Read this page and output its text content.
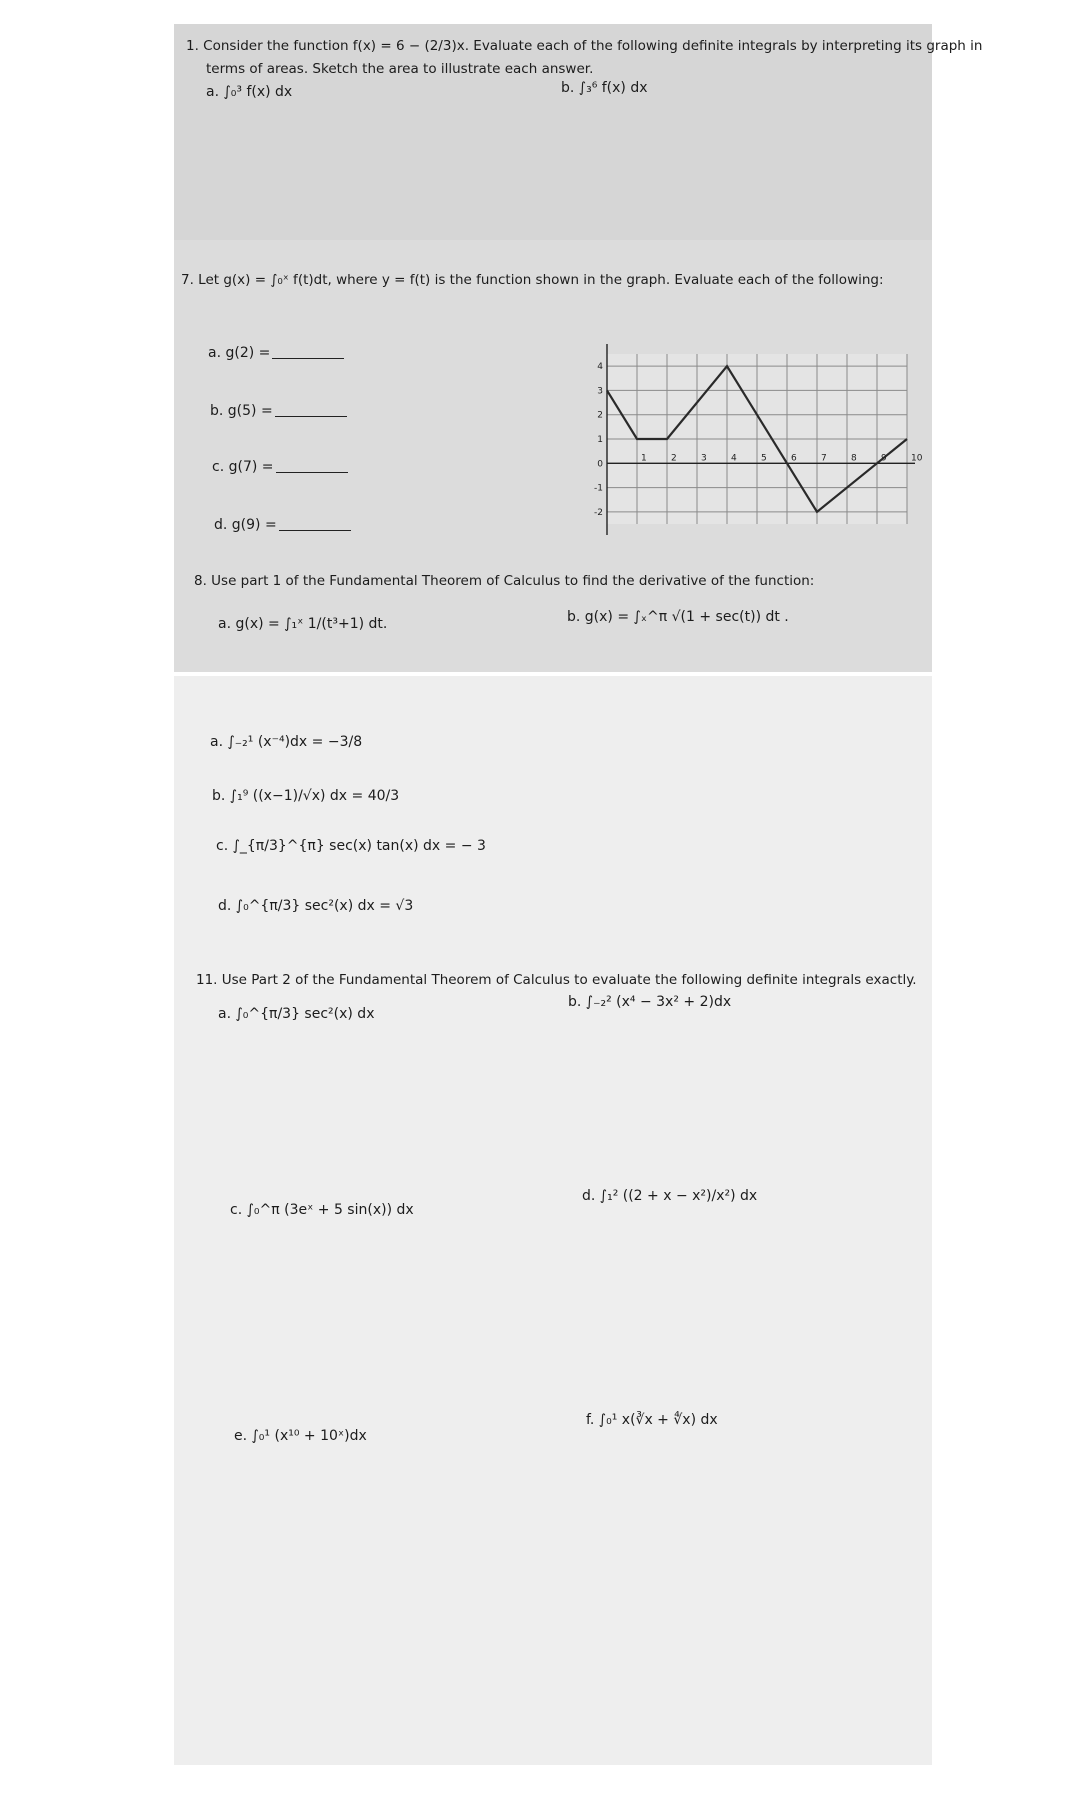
1. Consider the function f(x) = 6 − (2/3)x. Evaluate each of the following definite integrals by interpreting its graph in
terms of areas. Sketch the area to illustrate each answer.
a. ∫₀³ f(x) dx	b. ∫₃⁶ f(x) dx
7. Let g(x) = ∫₀ˣ f(t)dt, where y = f(t) is the function shown in the graph. Evaluate each of the following:
a. g(2) =
b. g(5) =
c. g(7) =
d. g(9) =
1	2	3	4	5	6	7	8	9	10
4
3
2
1
0
-1
-2
8. Use part 1 of the Fundamental Theorem of Calculus to find the derivative of the function:
a. g(x) = ∫₁ˣ 1/(t³+1) dt.	b. g(x) = ∫ₓ^π √(1 + sec(t)) dt .
a. ∫₋₂¹ (x⁻⁴)dx = −3/8
b. ∫₁⁹ ((x−1)/√x) dx = 40/3
c. ∫_{π/3}^{π} sec(x) tan(x) dx = − 3
d. ∫₀^{π/3} sec²(x) dx = √3
11. Use Part 2 of the Fundamental Theorem of Calculus to evaluate the following definite integrals exactly.
a. ∫₀^{π/3} sec²(x) dx
b. ∫₋₂² (x⁴ − 3x² + 2)dx
c. ∫₀^π (3eˣ + 5 sin(x)) dx
d. ∫₁² ((2 + x − x²)/x²) dx
e. ∫₀¹ (x¹⁰ + 10ˣ)dx
f. ∫₀¹ x(∛x + ∜x) dx
